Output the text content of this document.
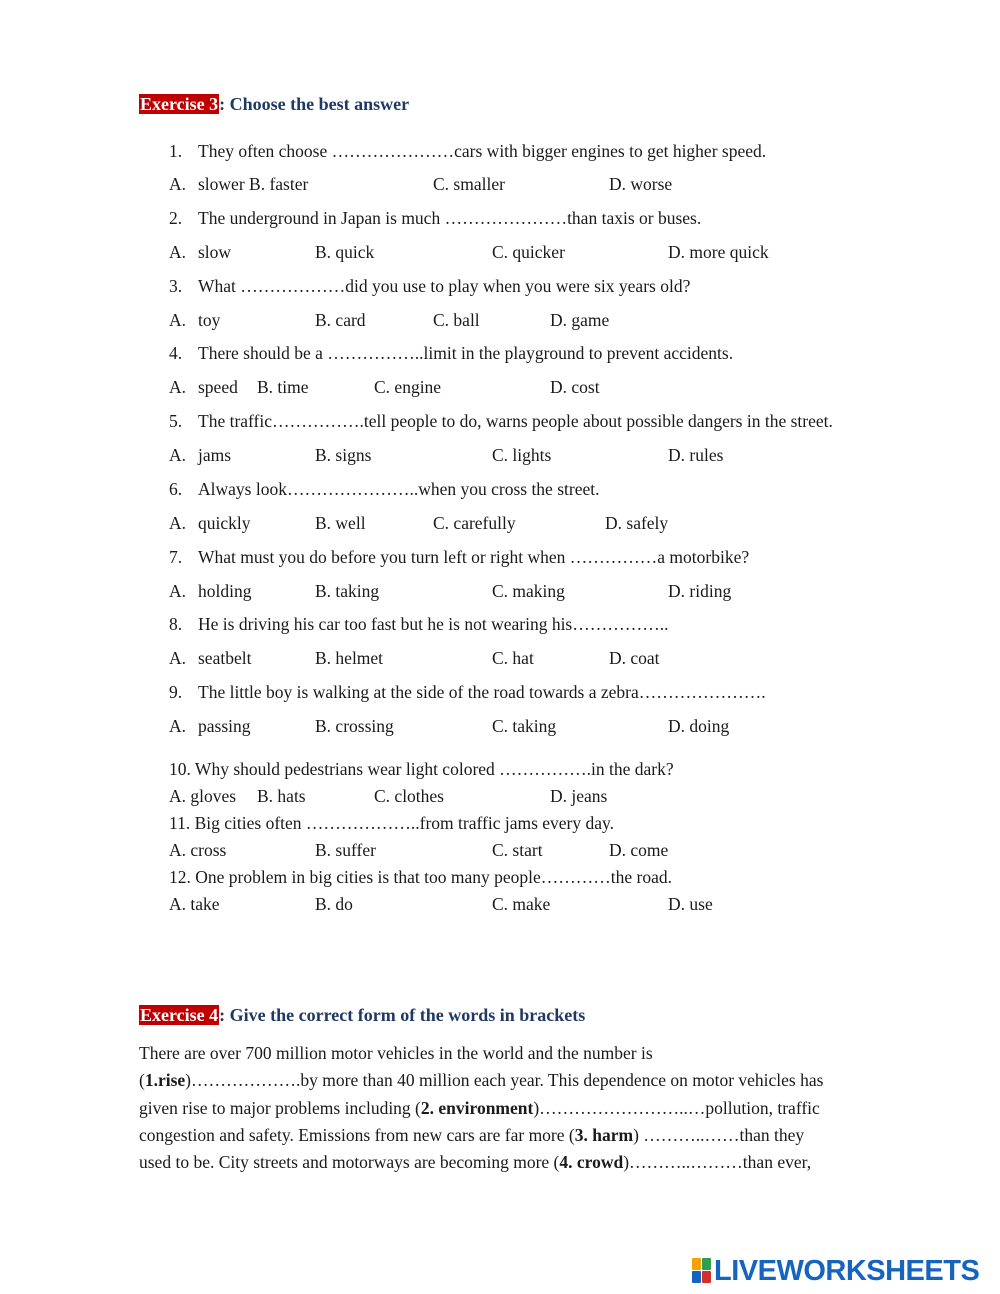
Exercise 3: Choose the best answer
1. They often choose …………………cars with bigger engines to get higher speed.
A. slower B. faster	C. smaller	D. worse
2. The underground in Japan is much …………………than taxis or buses.
A. slow	B. quick	C. quicker	D. more quick
3. What ………………did you use to play when you were six years old?
A. toy	B. card	C. ball	D. game
4. There should be a ……………..limit in the playground to prevent accidents.
A. speed B. time	C. engine	D. cost
5. The traffic…………….tell people to do, warns people about possible dangers in the street.
A. jams	B. signs	C. lights	D. rules
6. Always look…………………..when you cross the street.
A. quickly	B. well	C. carefully	D. safely
7. What must you do before you turn left or right when ……………a motorbike?
A. holding	B. taking	C. making	D. riding
8. He is driving his car too fast but he is not wearing his……………..
A. seatbelt	B. helmet	C. hat	D. coat
9. The little boy is walking at the side of the road towards a zebra………………….
A. passing	B. crossing	C. taking	D. doing
10. Why should pedestrians wear light colored …………….in the dark?
A. gloves B. hats	C. clothes	D. jeans
11. Big cities often ………………..from traffic jams every day.
A. cross	B. suffer	C. start	D. come
12. One problem in big cities is that too many people…………the road.
A. take	B. do	C. make	D. use
Exercise 4: Give the correct form of the words in brackets
There are over 700 million motor vehicles in the world and the number is
(1.rise)……………….by more than 40 million each year. This dependence on motor vehicles has
given rise to major problems including (2. environment)……………………..…pollution, traffic
congestion and safety. Emissions from new cars are far more (3. harm) ………..……than they
used to be. City streets and motorways are becoming more (4. crowd)………..………than ever,
LIVEWORKSHEETS
